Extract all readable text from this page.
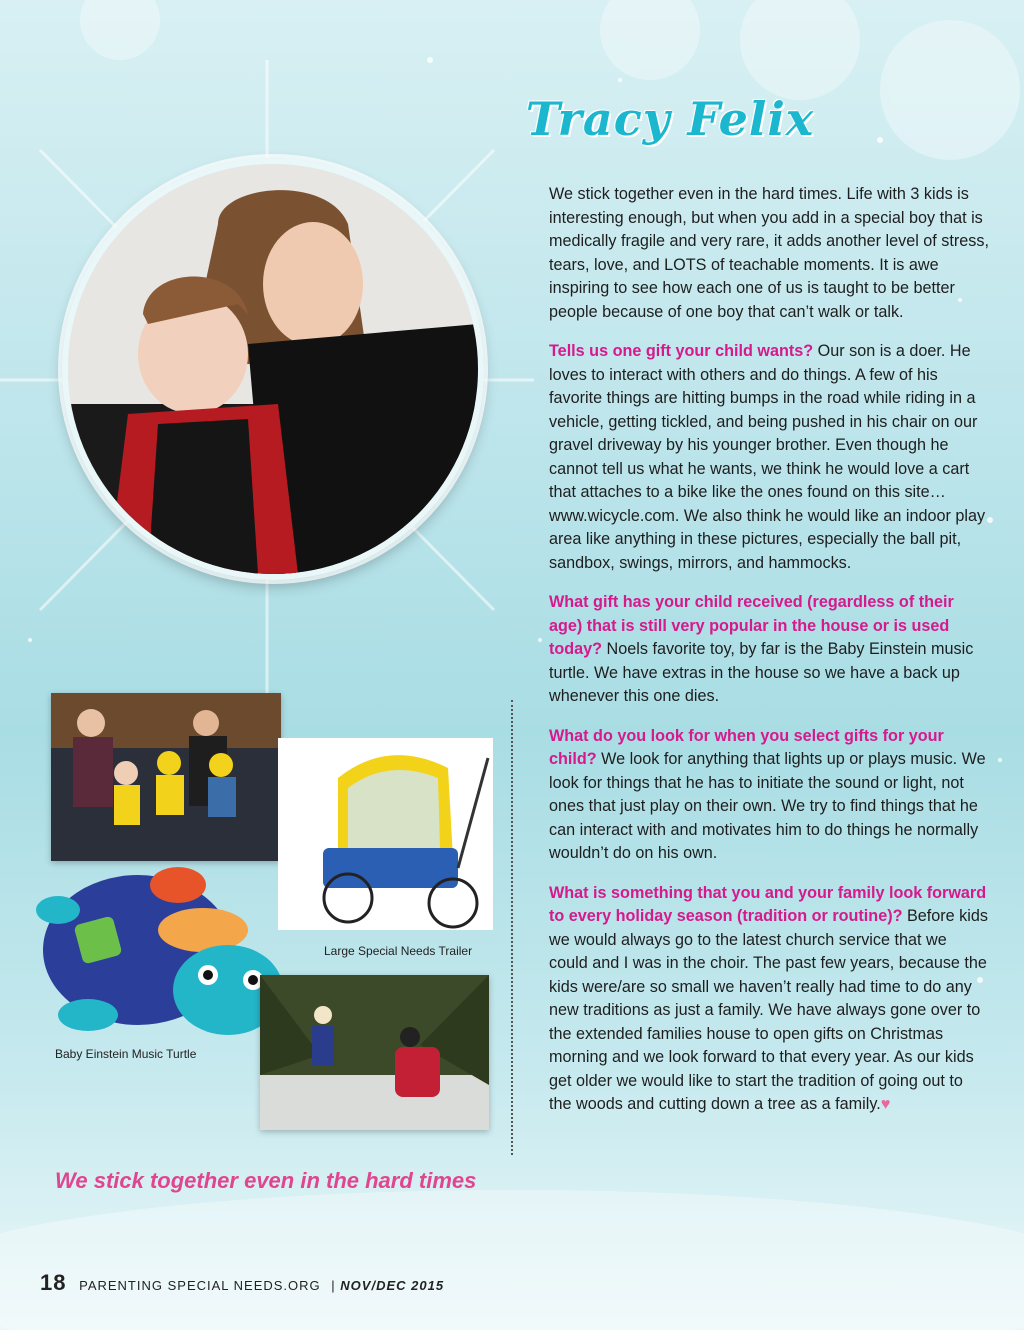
Tracy Felix

We stick together even in the hard times. Life with 3 kids is interesting enough, but when you add in a special boy that is medically fragile and very rare, it adds another level of stress, tears, love, and LOTS of teachable moments. It is awe inspiring to see how each one of us is taught to be better people because of one boy that can’t walk or talk.

Tells us one gift your child wants? Our son is a doer. He loves to interact with others and do things. A few of his favorite things are hitting bumps in the road while riding in a vehicle, getting tickled, and being pushed in his chair on our gravel driveway by his younger brother. Even though he cannot tell us what he wants, we think he would love a cart that attaches to a bike like the ones found on this site…www.wicycle.com. We also think he would like an indoor play area like anything in these pictures, especially the ball pit, sandbox, swings, mirrors, and hammocks.

What gift has your child received (regardless of their age) that is still very popular in the house or is used today? Noels favorite toy, by far is the Baby Einstein music turtle. We have extras in the house so we have a back up whenever this one dies.

What do you look for when you select gifts for your child? We look for anything that lights up or plays music. We look for things that he has to initiate the sound or light, not ones that just play on their own. We try to find things that he can interact with and motivates him to do things he normally wouldn’t do on his own.

What is something that you and your family look forward to every holiday season (tradition or routine)? Before kids we would always go to the latest church service that we could and I was in the choir. The past few years, because the kids were/are so small we haven’t really had time to do any new traditions as just a family. We have always gone over to the extended families house to open gifts on Christmas morning and we look forward to that every year. As our kids get older we would like to start the tradition of going out to the woods and cutting down a tree as a family.♥

Large Special Needs Trailer
Baby Einstein Music Turtle
We stick together even in the hard times
18 PARENTING SPECIAL NEEDS.ORG | NOV/DEC 2015
